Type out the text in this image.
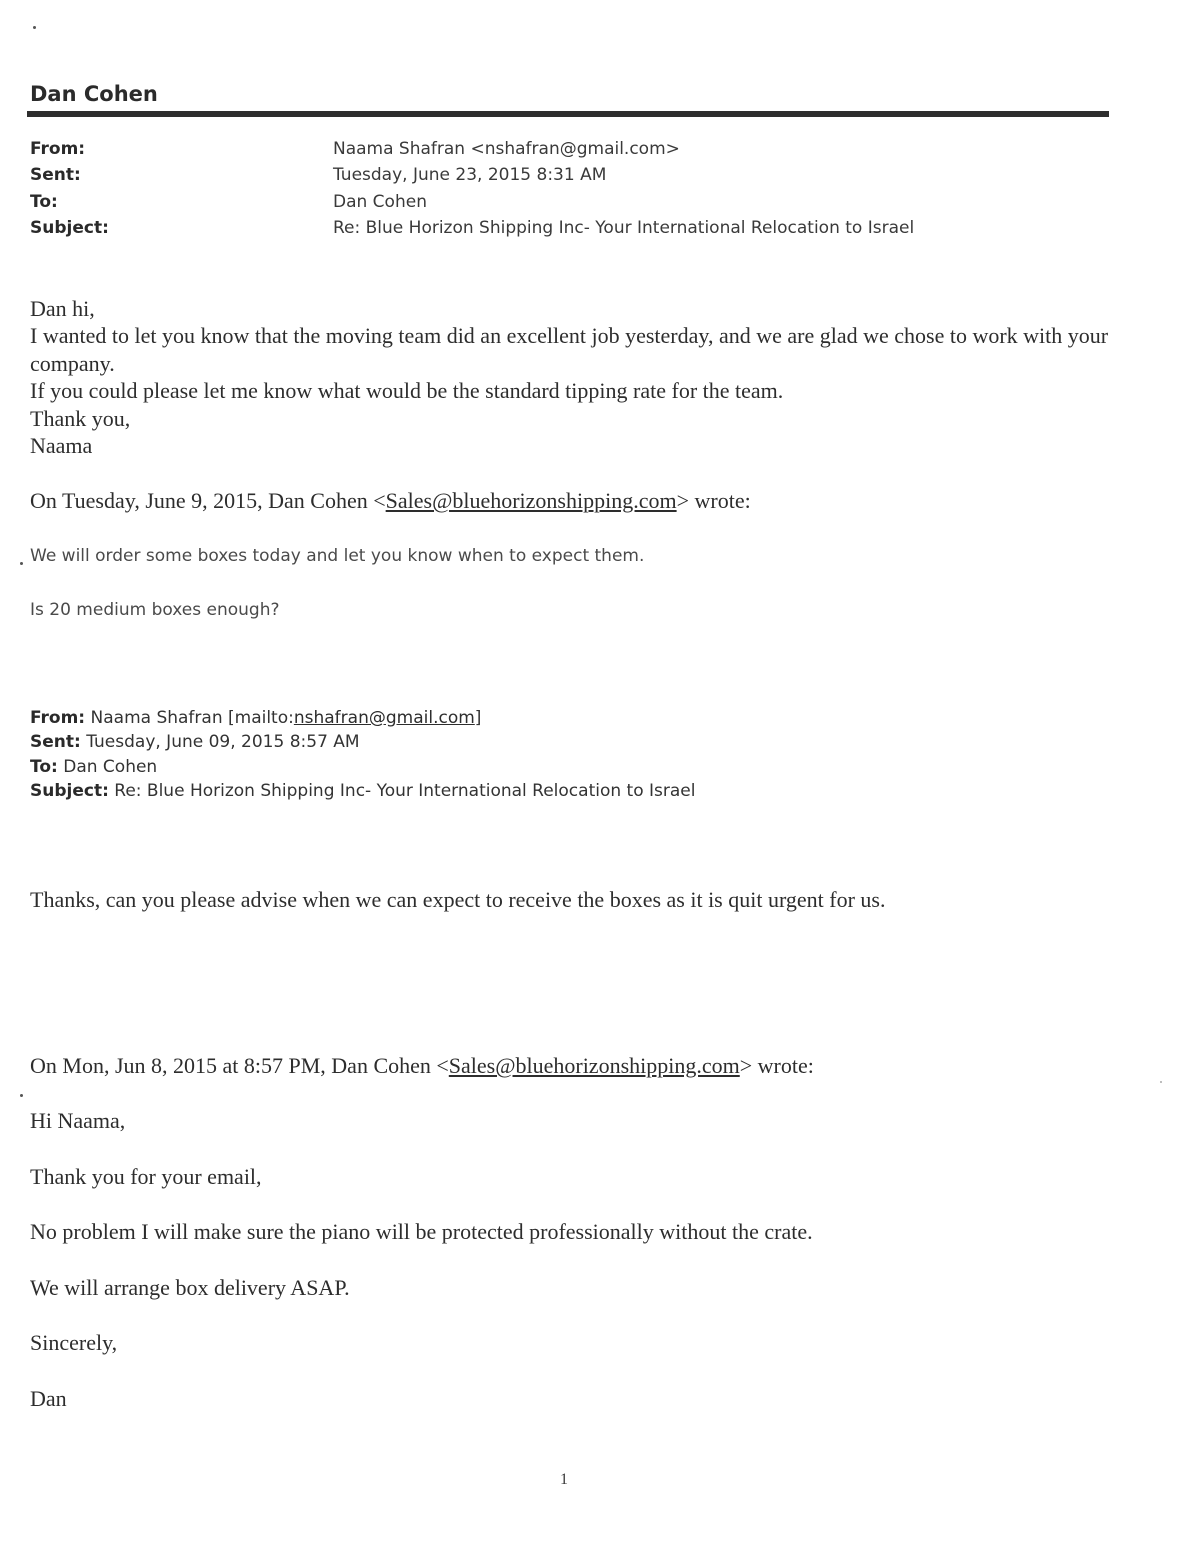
Dan Cohen
From:	Naama Shafran <nshafran@gmail.com>
Sent:	Tuesday, June 23, 2015 8:31 AM
To:	Dan Cohen
Subject:	Re: Blue Horizon Shipping Inc- Your International Relocation to Israel

Dan hi,

I wanted to let you know that the moving team did an excellent job yesterday, and we are glad we chose to work with your company.

If you could please let me know what would be the standard tipping rate for the team.

Thank you,

Naama

On Tuesday, June 9, 2015, Dan Cohen <Sales@bluehorizonshipping.com> wrote:
We will order some boxes today and let you know when to expect them.
Is 20 medium boxes enough?
From: Naama Shafran [mailto:nshafran@gmail.com]
Sent: Tuesday, June 09, 2015 8:57 AM
To: Dan Cohen
Subject: Re: Blue Horizon Shipping Inc- Your International Relocation to Israel
Thanks, can you please advise when we can expect to receive the boxes as it is quit urgent for us.
On Mon, Jun 8, 2015 at 8:57 PM, Dan Cohen <Sales@bluehorizonshipping.com> wrote:

Hi Naama,

Thank you for your email,

No problem I will make sure the piano will be protected professionally without the crate.

We will arrange box delivery ASAP.

Sincerely,

Dan

1
